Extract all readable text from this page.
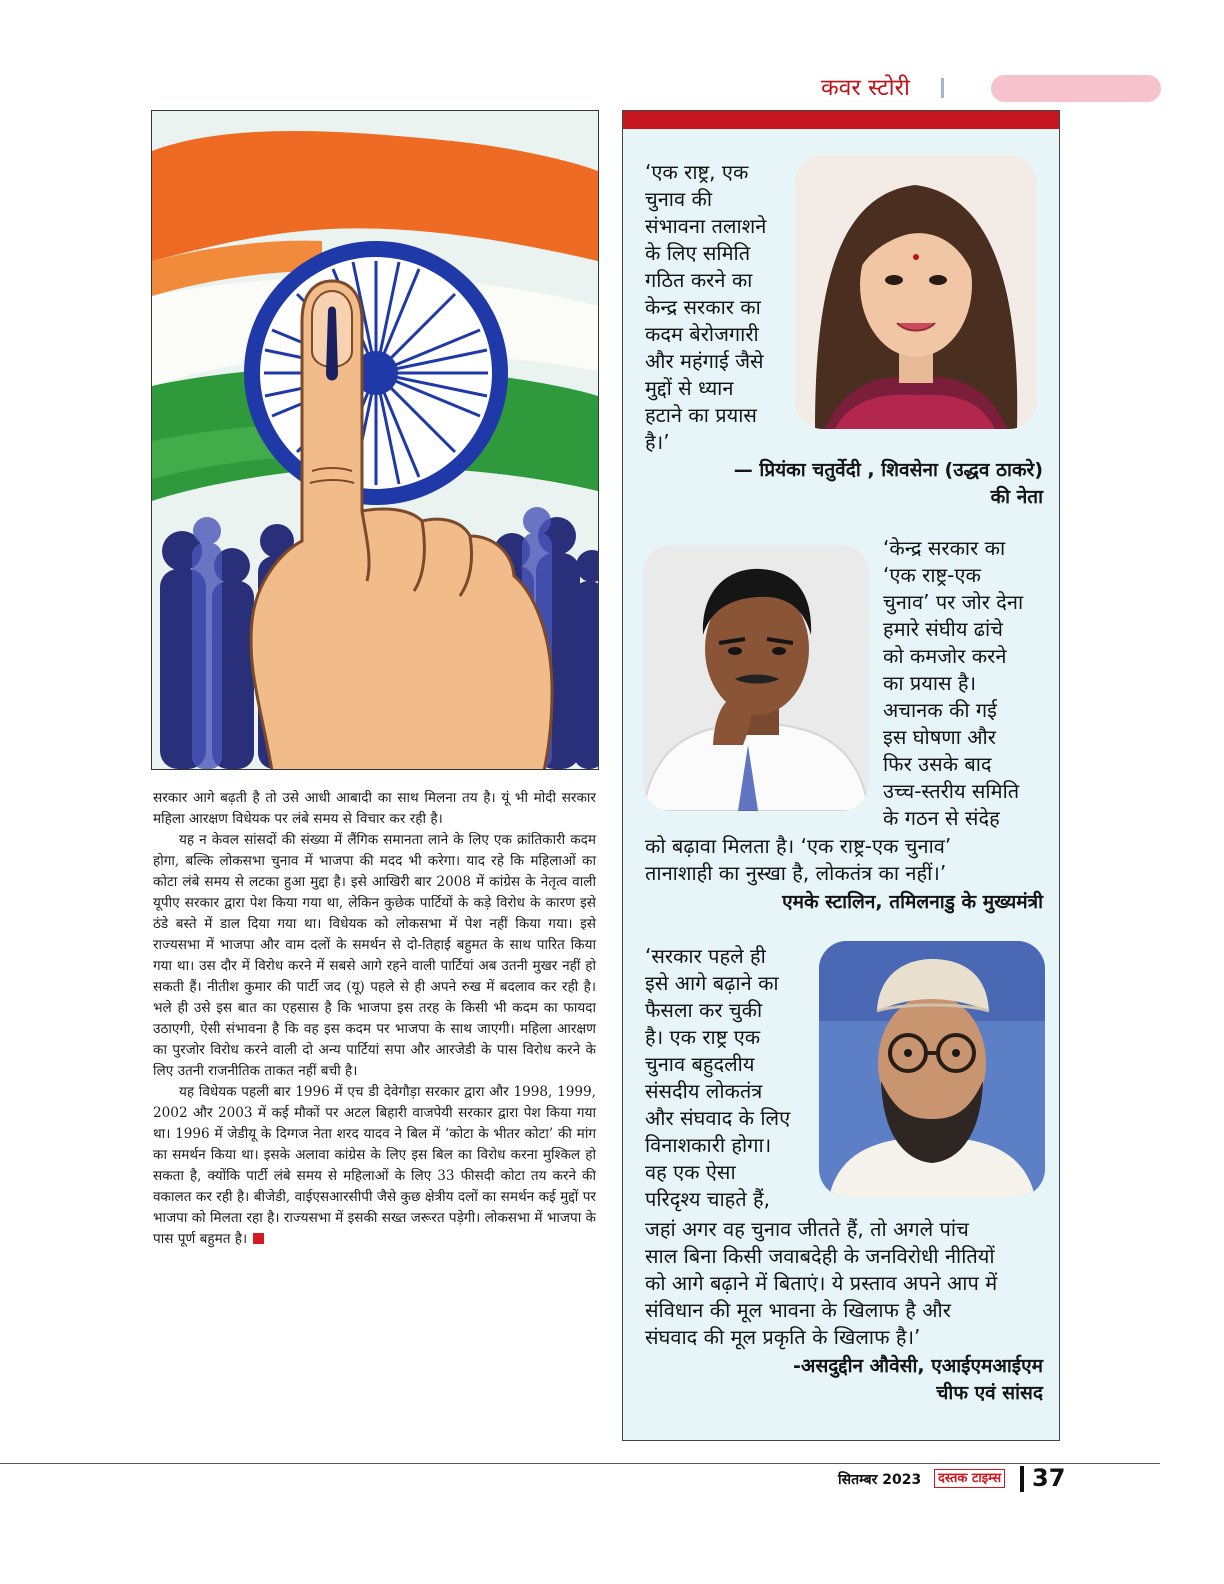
कवर स्टोरी

सरकार आगे बढ़ती है तो उसे आधी आबादी का साथ मिलना तय है। यूं भी मोदी सरकार महिला आरक्षण विधेयक पर लंबे समय से विचार कर रही है।

यह न केवल सांसदों की संख्या में लैंगिक समानता लाने के लिए एक क्रांतिकारी कदम होगा, बल्कि लोकसभा चुनाव में भाजपा की मदद भी करेगा। याद रहे कि महिलाओं का कोटा लंबे समय से लटका हुआ मुद्दा है। इसे आखिरी बार 2008 में कांग्रेस के नेतृत्व वाली यूपीए सरकार द्वारा पेश किया गया था, लेकिन कुछेक पार्टियों के कड़े विरोध के कारण इसे ठंडे बस्ते में डाल दिया गया था। विधेयक को लोकसभा में पेश नहीं किया गया। इसे राज्यसभा में भाजपा और वाम दलों के समर्थन से दो-तिहाई बहुमत के साथ पारित किया गया था। उस दौर में विरोध करने में सबसे आगे रहने वाली पार्टियां अब उतनी मुखर नहीं हो सकती हैं। नीतीश कुमार की पार्टी जद (यू) पहले से ही अपने रुख में बदलाव कर रही है। भले ही उसे इस बात का एहसास है कि भाजपा इस तरह के किसी भी कदम का फायदा उठाएगी, ऐसी संभावना है कि वह इस कदम पर भाजपा के साथ जाएगी। महिला आरक्षण का पुरजोर विरोध करने वाली दो अन्य पार्टियां सपा और आरजेडी के पास विरोध करने के लिए उतनी राजनीतिक ताकत नहीं बची है।

यह विधेयक पहली बार 1996 में एच डी देवेगौड़ा सरकार द्वारा और 1998, 1999, 2002 और 2003 में कई मौकों पर अटल बिहारी वाजपेयी सरकार द्वारा पेश किया गया था। 1996 में जेडीयू के दिग्गज नेता शरद यादव ने बिल में ‘कोटा के भीतर कोटा’ की मांग का समर्थन किया था। इसके अलावा कांग्रेस के लिए इस बिल का विरोध करना मुश्किल हो सकता है, क्योंकि पार्टी लंबे समय से महिलाओं के लिए 33 फीसदी कोटा तय करने की वकालत कर रही है। बीजेडी, वाईएसआरसीपी जैसे कुछ क्षेत्रीय दलों का समर्थन कई मुद्दों पर भाजपा को मिलता रहा है। राज्यसभा में इसकी सख्त जरूरत पड़ेगी। लोकसभा में भाजपा के पास पूर्ण बहुमत है।

‘एक राष्ट्र, एक

चुनाव की

संभावना तलाशने

के लिए समिति

गठित करने का

केन्द्र सरकार का

कदम बेरोजगारी

और महंगाई जैसे

मुद्दों से ध्यान

हटाने का प्रयास

है।’

— प्रियंका चतुर्वेदी , शिवसेना (उद्धव ठाकरे)

की नेता

‘केन्द्र सरकार का

‘एक राष्ट्र-एक

चुनाव’ पर जोर देना

हमारे संघीय ढांचे

को कमजोर करने

का प्रयास है।

अचानक की गई

इस घोषणा और

फिर उसके बाद

उच्च-स्तरीय समिति

के गठन से संदेह

को बढ़ावा मिलता है। ‘एक राष्ट्र-एक चुनाव’

तानाशाही का नुस्खा है, लोकतंत्र का नहीं।’

एमके स्टालिन, तमिलनाडु के मुख्यमंत्री

‘सरकार पहले ही

इसे आगे बढ़ाने का

फैसला कर चुकी

है। एक राष्ट्र एक

चुनाव बहुदलीय

संसदीय लोकतंत्र

और संघवाद के लिए

विनाशकारी होगा।

वह एक ऐसा

परिदृश्य चाहते हैं,

जहां अगर वह चुनाव जीतते हैं, तो अगले पांच

साल बिना किसी जवाबदेही के जनविरोधी नीतियों

को आगे बढ़ाने में बिताएं। ये प्रस्ताव अपने आप में

संविधान की मूल भावना के खिलाफ है और

संघवाद की मूल प्रकृति के खिलाफ है।’

-असदुद्दीन औवेसी, एआईएमआईएम

चीफ एवं सांसद

सितम्बर 2023	दस्तक टाइम्स 37
